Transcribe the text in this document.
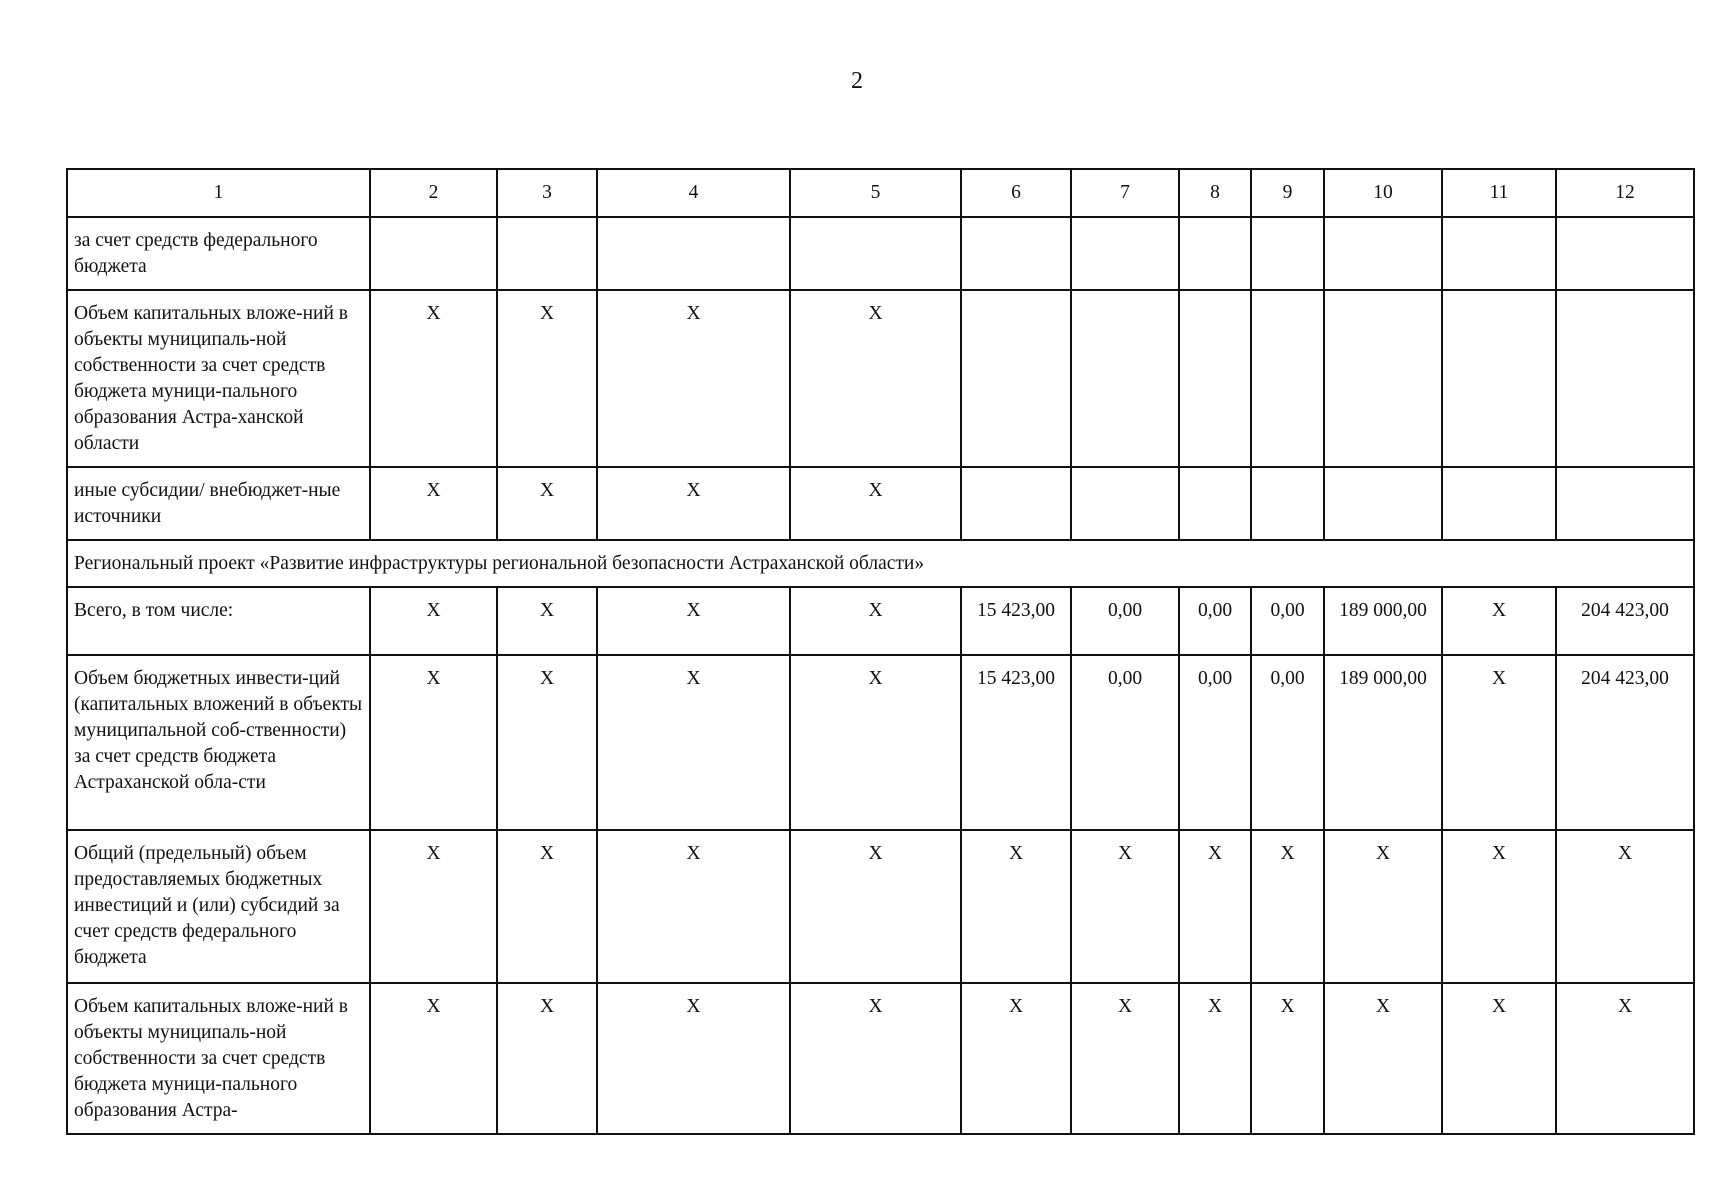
2
1	2	3	4	5	6	7	8	9	10	11	12
за счет средств федерального бюджета											
Объем капитальных вложе-ний в объекты муниципаль-ной собственности за счет средств бюджета муници-пального образования Астра-ханской области	X	X	X	X							
иные субсидии/ внебюджет-ные источники	X	X	X	X							
Региональный проект «Развитие инфраструктуры региональной безопасности Астраханской области»											
Всего, в том числе:	X	X	X	X	15 423,00	0,00	0,00	0,00	189 000,00	X	204 423,00
Объем бюджетных инвести-ций (капитальных вложений в объекты муниципальной соб-ственности) за счет средств бюджета Астраханской обла-сти	X	X	X	X	15 423,00	0,00	0,00	0,00	189 000,00	X	204 423,00
Общий (предельный) объем предоставляемых бюджетных инвестиций и (или) субсидий за счет средств федерального бюджета	X	X	X	X	X	X	X	X	X	X	X
Объем капитальных вложе-ний в объекты муниципаль-ной собственности за счет средств бюджета муници-пального образования Астра-	X	X	X	X	X	X	X	X	X	X	X
